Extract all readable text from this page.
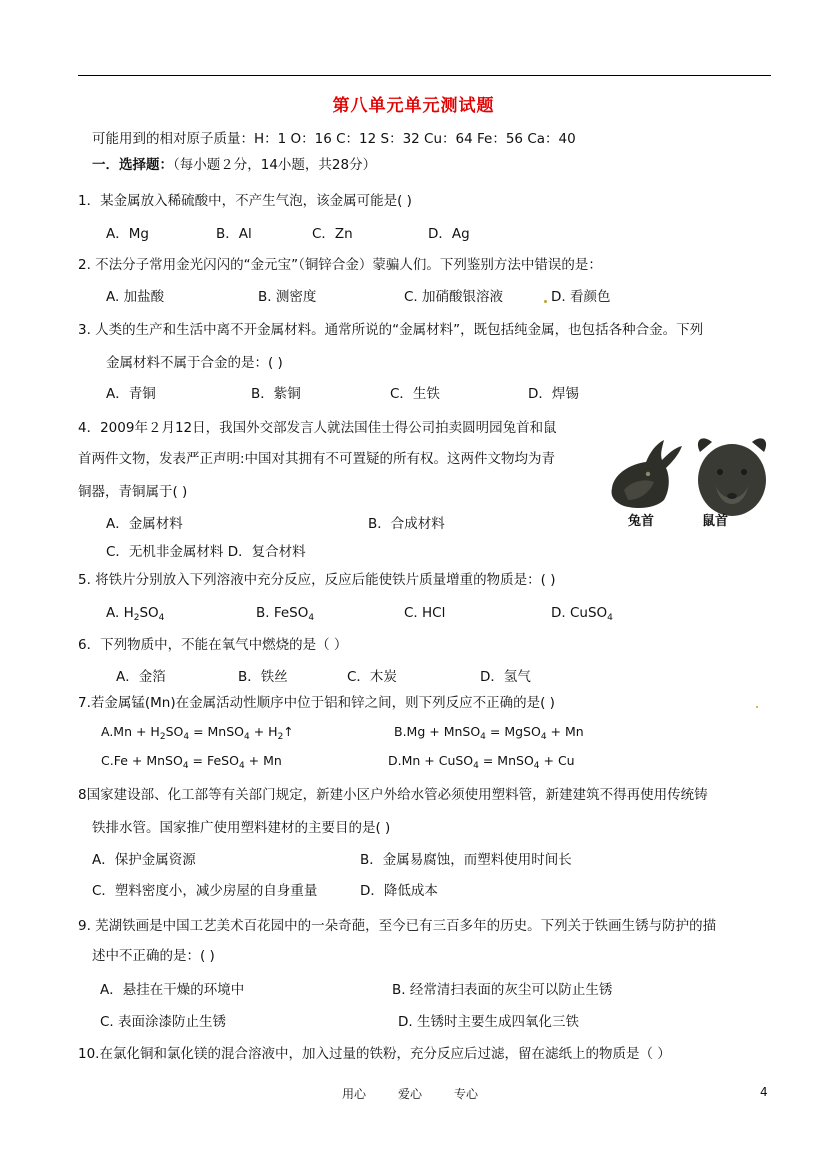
第八单元单元测试题
可能用到的相对原子质量：H：1 O：16 C：12 S：32 Cu：64 Fe：56 Ca：40
一．选择题：（每小题２分，14小题，共28分）
1．某金属放入稀硫酸中，不产生气泡，该金属可能是( )
A．Mg	B．Al	C．Zn	D．Ag
2. 不法分子常用金光闪闪的“金元宝”（铜锌合金）蒙骗人们。下列鉴别方法中错误的是：
A. 加盐酸	B. 测密度	C. 加硝酸银溶液	D. 看颜色
3. 人类的生产和生活中离不开金属材料。通常所说的“金属材料”，既包括纯金属，也包括各种合金。下列
金属材料不属于合金的是：( )
A．青铜	B．紫铜	C．生铁	D．焊锡
4．2009年２月12日，我国外交部发言人就法国佳士得公司拍卖圆明园兔首和鼠
首两件文物，发表严正声明:中国对其拥有不可置疑的所有权。这两件文物均为青
铜器，青铜属于( )
A．金属材料	B．合成材料
C．无机非金属材料 D．复合材料
兔首	鼠首
5. 将铁片分别放入下列溶液中充分反应，反应后能使铁片质量增重的物质是：( )
A. $H_2SO_4$	B. FeSO$_4$	C. HCl	D. CuSO$_4$
6．下列物质中，不能在氧气中燃烧的是（ ）
A．金箔	B．铁丝	C．木炭	D．氢气
7.若金属锰(Mn)在金属活动性顺序中位于铝和锌之间，则下列反应不正确的是( )
$A.Mn + H_2SO_4$ = MnSO$_4$ + $H_2↑$	B.Mg + MnSO$_4$ = MgSO$_4$ + Mn
C.Fe + MnSO$_4$ = FeSO$_4$ + Mn	D.Mn + CuSO$_4$ = MnSO$_4$ + Cu
8国家建设部、化工部等有关部门规定，新建小区户外给水管必须使用塑料管，新建建筑不得再使用传统铸
铁排水管。国家推广使用塑料建材的主要目的是( )
A．保护金属资源	B．金属易腐蚀，而塑料使用时间长
C．塑料密度小，减少房屋的自身重量	D．降低成本
9. 芜湖铁画是中国工艺美术百花园中的一朵奇葩，至今已有三百多年的历史。下列关于铁画生锈与防护的描
述中不正确的是：( )
A．悬挂在干燥的环境中	B. 经常清扫表面的灰尘可以防止生锈
C. 表面涂漆防止生锈	D. 生锈时主要生成四氧化三铁
10.在氯化铜和氯化镁的混合溶液中，加入过量的铁粉，充分反应后过滤，留在滤纸上的物质是（ ）
用心	爱心	专心	4
